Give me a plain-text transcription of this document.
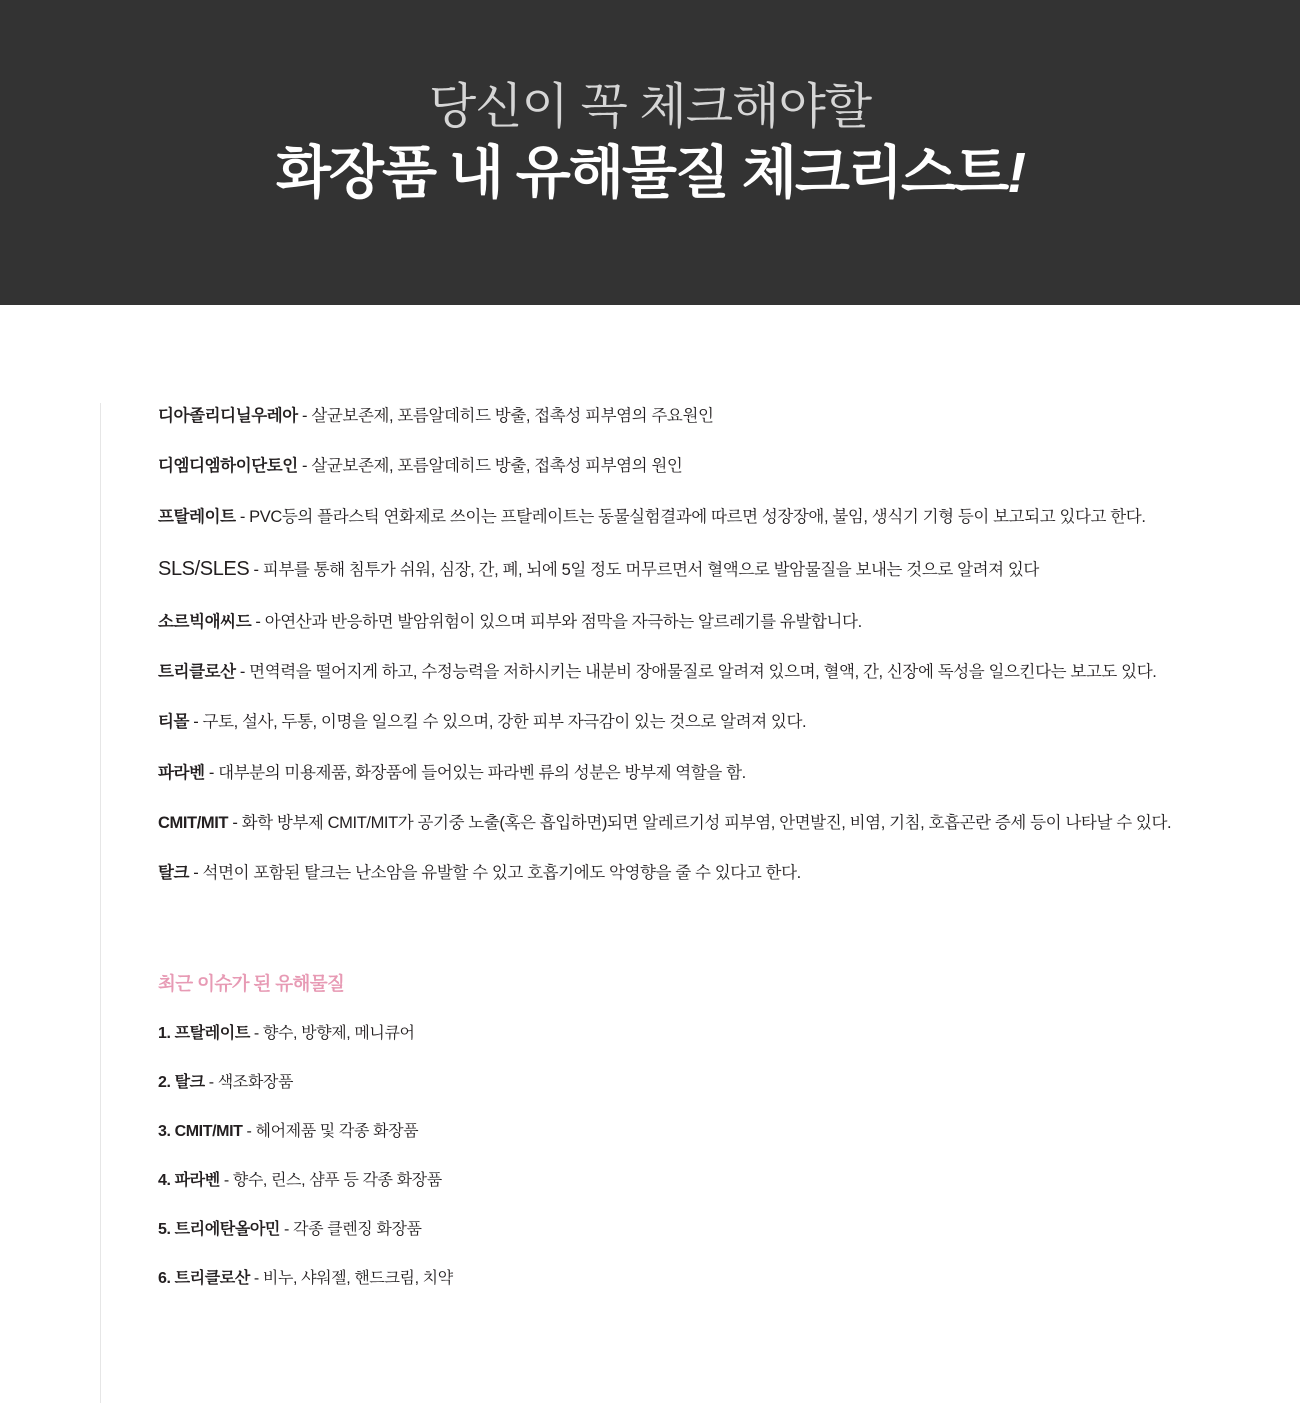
당신이 꼭 체크해야할
화장품 내 유해물질 체크리스트!
디아졸리디닐우레아 - 살균보존제, 포름알데히드 방출, 접촉성 피부염의 주요원인
디엠디엠하이단토인 - 살균보존제, 포름알데히드 방출, 접촉성 피부염의 원인
프탈레이트 - PVC등의 플라스틱 연화제로 쓰이는 프탈레이트는 동물실험결과에 따르면 성장장애, 불임, 생식기 기형 등이 보고되고 있다고 한다.
SLS/SLES - 피부를 통해 침투가 쉬워, 심장, 간, 폐, 뇌에 5일 정도 머무르면서 혈액으로 발암물질을 보내는 것으로 알려져 있다
소르빅애씨드 - 아연산과 반응하면 발암위험이 있으며 피부와 점막을 자극하는 알르레기를 유발합니다.
트리클로산 - 면역력을 떨어지게 하고, 수정능력을 저하시키는 내분비 장애물질로 알려져 있으며, 혈액, 간, 신장에 독성을 일으킨다는 보고도 있다.
티몰 - 구토, 설사, 두통, 이명을 일으킬 수 있으며, 강한 피부 자극감이 있는 것으로 알려져 있다.
파라벤 - 대부분의 미용제품, 화장품에 들어있는 파라벤 류의 성분은 방부제 역할을 함.
CMIT/MIT - 화학 방부제 CMIT/MIT가 공기중 노출(혹은 흡입하면)되면 알레르기성 피부염, 안면발진, 비염, 기침, 호흡곤란 증세 등이 나타날 수 있다.
탈크 - 석면이 포함된 탈크는 난소암을 유발할 수 있고 호흡기에도 악영향을 줄 수 있다고 한다.
최근 이슈가 된 유해물질
1. 프탈레이트 - 향수, 방향제, 메니큐어
2. 탈크 - 색조화장품
3. CMIT/MIT - 헤어제품 및 각종 화장품
4. 파라벤 - 향수, 린스, 샴푸 등 각종 화장품
5. 트리에탄올아민 - 각종 클렌징 화장품
6. 트리클로산 - 비누, 샤워젤, 핸드크림, 치약
